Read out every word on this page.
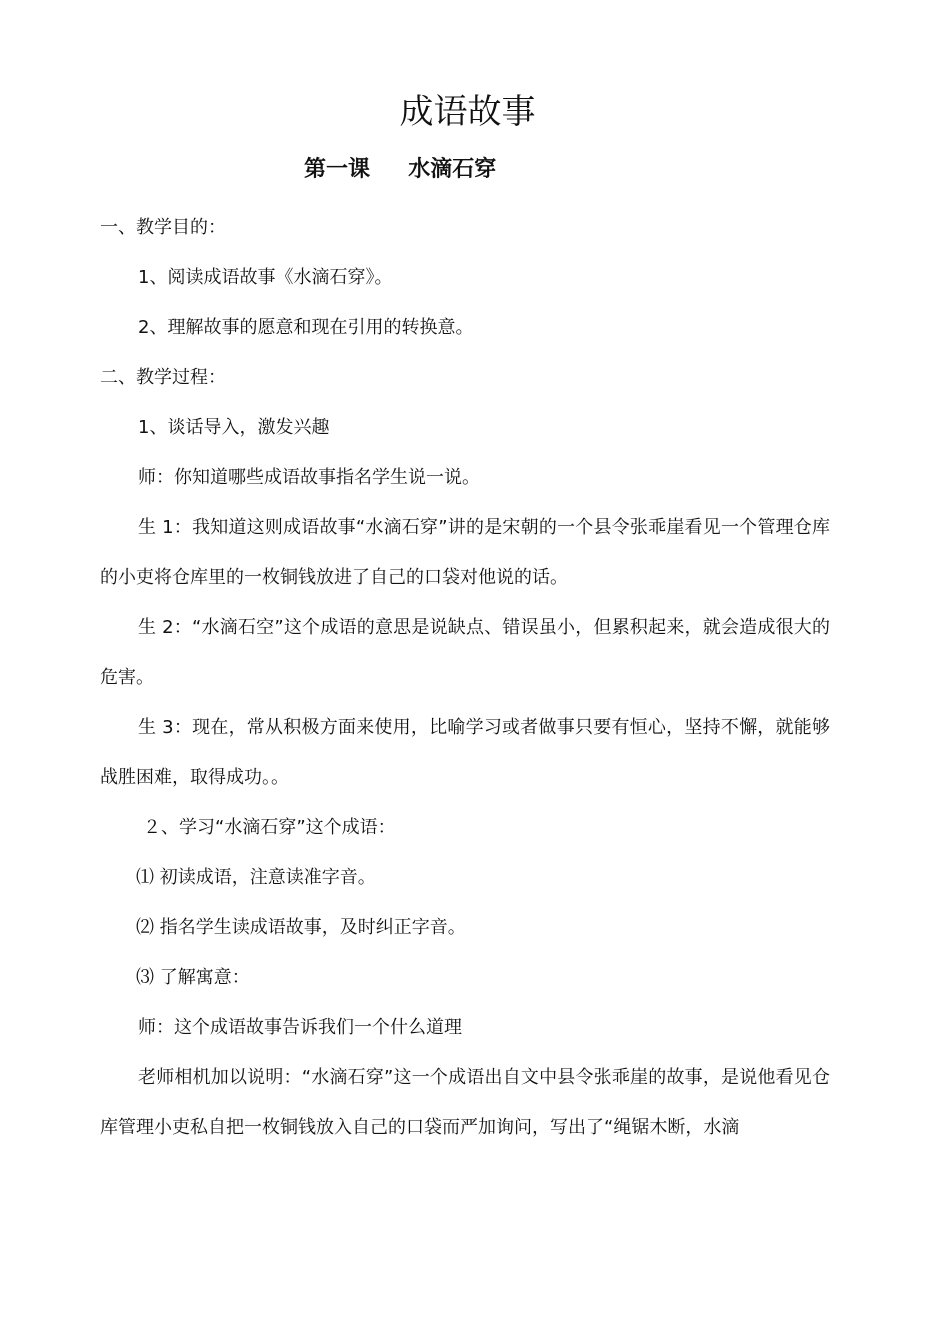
成语故事
第一课     水滴石穿

一、教学目的：

1、阅读成语故事《水滴石穿》。

2、理解故事的愿意和现在引用的转换意。

二、教学过程：

1、谈话导入，激发兴趣

师：你知道哪些成语故事指名学生说一说。

生 1：我知道这则成语故事“水滴石穿”讲的是宋朝的一个县令张乖崖看见一个管理仓库的小吏将仓库里的一枚铜钱放进了自己的口袋对他说的话。

生 2：“水滴石空”这个成语的意思是说缺点、错误虽小，但累积起来，就会造成很大的危害。

生 3：现在，常从积极方面来使用，比喻学习或者做事只要有恒心，坚持不懈，就能够战胜困难，取得成功。。

２、学习“水滴石穿”这个成语：

⑴ 初读成语，注意读准字音。

⑵ 指名学生读成语故事，及时纠正字音。

⑶ 了解寓意：

师：这个成语故事告诉我们一个什么道理

老师相机加以说明：“水滴石穿”这一个成语出自文中县令张乖崖的故事，是说他看见仓库管理小吏私自把一枚铜钱放入自己的口袋而严加询问，写出了“绳锯木断，水滴
